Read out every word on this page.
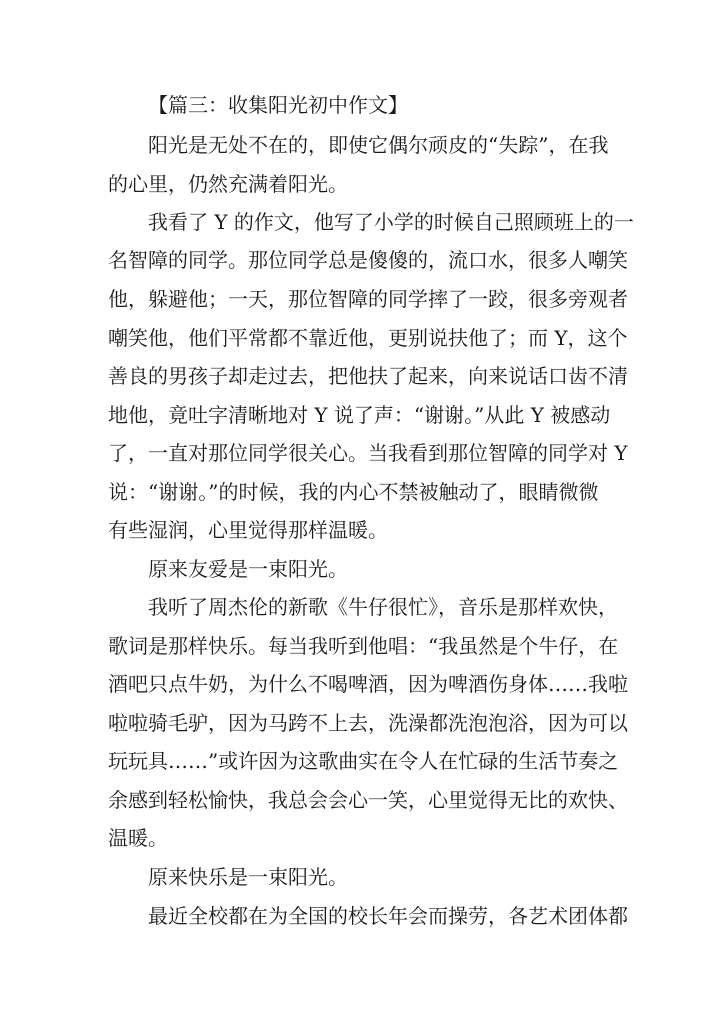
【篇三：收集阳光初中作文】

阳光是无处不在的，即使它偶尔顽皮的“失踪”，在我

的心里，仍然充满着阳光。

我看了 Y 的作文，他写了小学的时候自己照顾班上的一

名智障的同学。那位同学总是傻傻的，流口水，很多人嘲笑

他，躲避他；一天，那位智障的同学摔了一跤，很多旁观者

嘲笑他，他们平常都不靠近他，更别说扶他了；而 Y，这个

善良的男孩子却走过去，把他扶了起来，向来说话口齿不清

地他，竟吐字清晰地对 Y 说了声：“谢谢。”从此 Y 被感动

了，一直对那位同学很关心。当我看到那位智障的同学对 Y

说：“谢谢。”的时候，我的内心不禁被触动了，眼睛微微

有些湿润，心里觉得那样温暖。

原来友爱是一束阳光。

我听了周杰伦的新歌《牛仔很忙》，音乐是那样欢快，

歌词是那样快乐。每当我听到他唱：“我虽然是个牛仔，在

酒吧只点牛奶，为什么不喝啤酒，因为啤酒伤身体……我啦

啦啦骑毛驴，因为马跨不上去，洗澡都洗泡泡浴，因为可以

玩玩具……”或许因为这歌曲实在令人在忙碌的生活节奏之

余感到轻松愉快，我总会会心一笑，心里觉得无比的欢快、

温暖。

原来快乐是一束阳光。

最近全校都在为全国的校长年会而操劳，各艺术团体都
